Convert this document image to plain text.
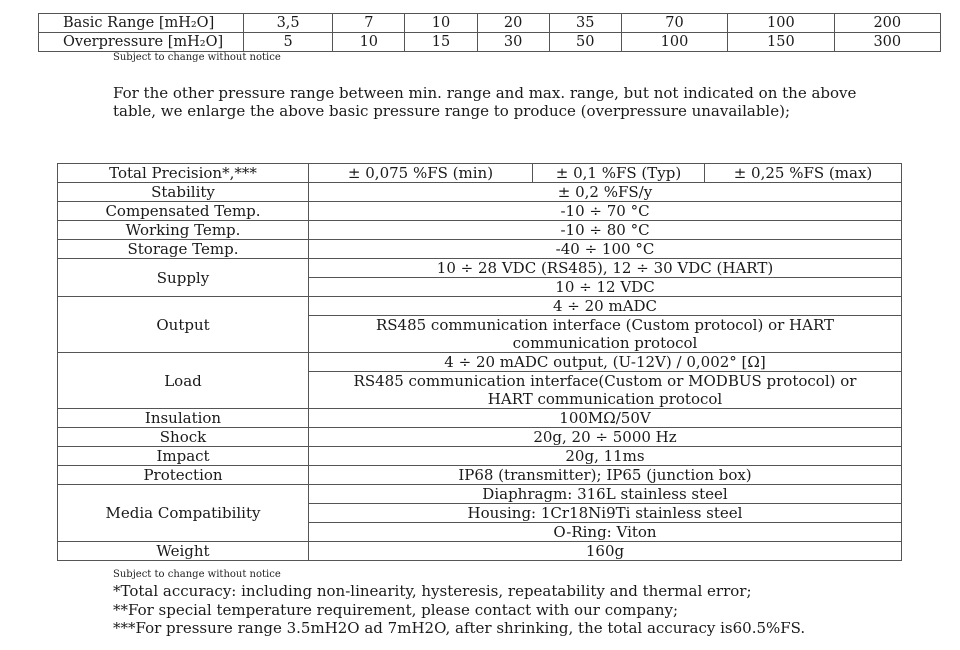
Basic Range [mH₂O]	3,5	7	10	20	35	70	100	200
Overpressure [mH₂O]	5	10	15	30	50	100	150	300
Subject to change without notice
For the other pressure range between min. range and max. range, but not indicated on the above table, we enlarge the above basic pressure range to produce (overpressure unavailable);
Total Precision*,***	± 0,075 %FS (min)	± 0,1 %FS (Typ)	± 0,25 %FS (max)
Stability	± 0,2 %FS/y		
Compensated Temp.	-10 ÷ 70 °C		
Working Temp.	-10 ÷ 80 °C		
Storage Temp.	-40 ÷ 100 °C		
Supply	10 ÷ 28 VDC (RS485), 12 ÷ 30 VDC (HART)		
	10 ÷ 12 VDC		
Output	4 ÷ 20 mADC		
	RS485 communication interface (Custom protocol) or HART communication protocol		
Load	4 ÷ 20 mADC output, (U-12V) / 0,002° [Ω]		
	RS485 communication interface(Custom or MODBUS protocol) or HART communication protocol		
Insulation	100MΩ/50V		
Shock	20g, 20 ÷ 5000 Hz		
Impact	20g, 11ms		
Protection	IP68 (transmitter); IP65 (junction box)		
Media Compatibility	Diaphragm: 316L stainless steel		
	Housing: 1Cr18Ni9Ti stainless steel		
	O-Ring: Viton		
Weight	160g		
Subject to change without notice
*Total accuracy: including non-linearity, hysteresis, repeatability and thermal error;
**For special temperature requirement, please contact with our company;
***For pressure range 3.5mH2O ad 7mH2O, after shrinking, the total accuracy is60.5%FS.
